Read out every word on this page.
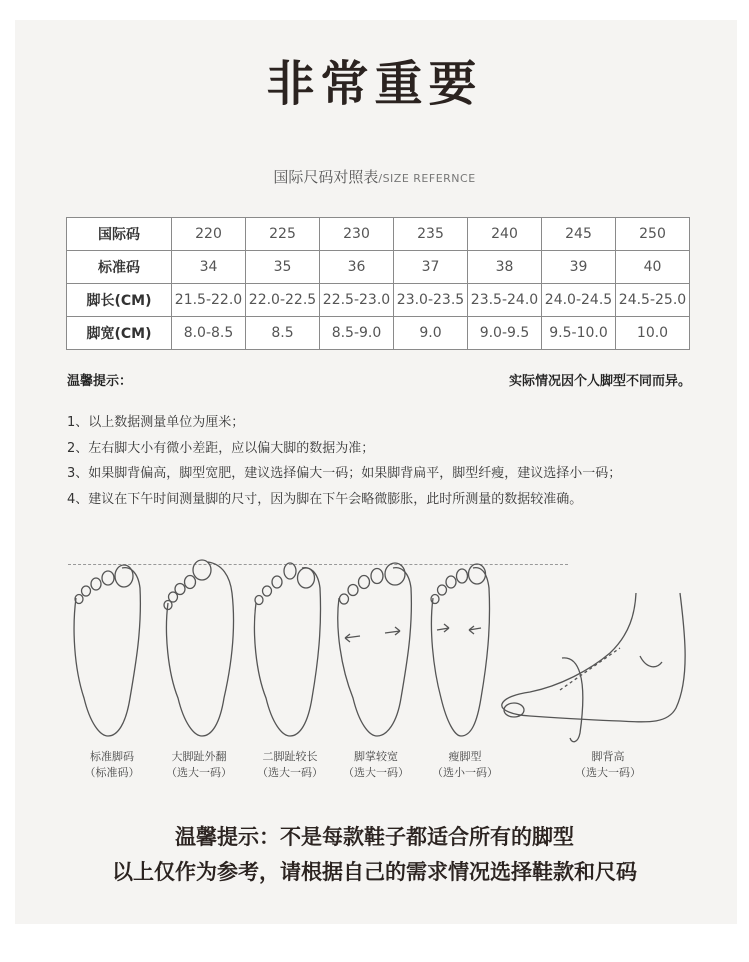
非常重要
国际尺码对照表/SIZE REFERNCE
国际码	220	225	230	235	240	245	250
标准码	34	35	36	37	38	39	40
脚长(CM)	21.5-22.0	22.0-22.5	22.5-23.0	23.0-23.5	23.5-24.0	24.0-24.5	24.5-25.0
脚宽(CM)	8.0-8.5	8.5	8.5-9.0	9.0	9.0-9.5	9.5-10.0	10.0
温馨提示：	实际情况因个人脚型不同而异。
1、以上数据测量单位为厘米；
2、左右脚大小有微小差距，应以偏大脚的数据为准；
3、如果脚背偏高，脚型宽肥，建议选择偏大一码；如果脚背扁平，脚型纤瘦，建议选择小一码；
4、建议在下午时间测量脚的尺寸，因为脚在下午会略微膨胀，此时所测量的数据较准确。
标准脚码
（标准码）
大脚趾外翻
（选大一码）
二脚趾较长
（选大一码）
脚掌较宽
（选大一码）
瘦脚型
（选小一码）
脚背高
（选大一码）
温馨提示：不是每款鞋子都适合所有的脚型
以上仅作为参考，请根据自己的需求情况选择鞋款和尺码
